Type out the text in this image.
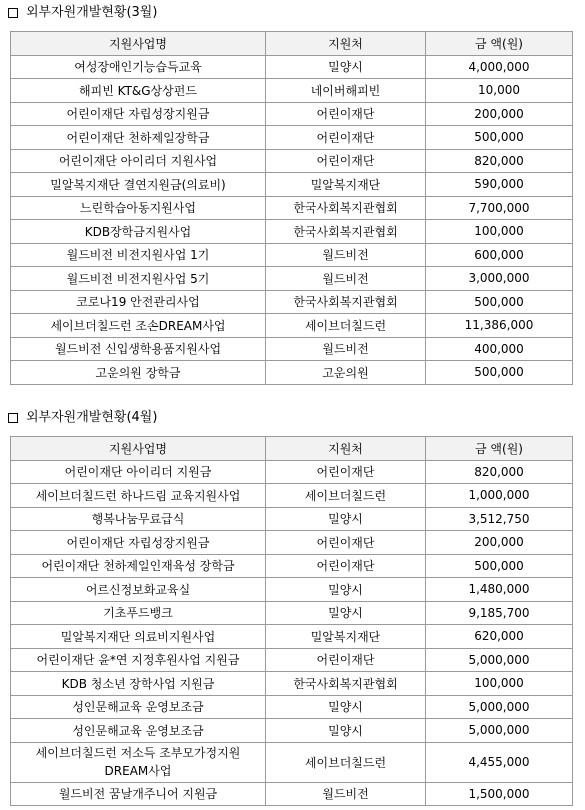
외부자원개발현황(3월)
지원사업명	지원처	금 액(원)
여성장애인기능습득교육	밀양시	4,000,000
해피빈 KT&G상상펀드	네이버해피빈	10,000
어린이재단 자립성장지원금	어린이재단	200,000
어린이재단 천하제일장학금	어린이재단	500,000
어린이재단 아이리더 지원사업	어린이재단	820,000
밀알복지재단 결연지원금(의료비)	밀알복지재단	590,000
느린학습아동지원사업	한국사회복지관협회	7,700,000
KDB장학금지원사업	한국사회복지관협회	100,000
월드비전 비전지원사업 1기	월드비전	600,000
월드비전 비전지원사업 5기	월드비전	3,000,000
코로나19 안전관리사업	한국사회복지관협회	500,000
세이브더칠드런 조손DREAM사업	세이브더칠드런	11,386,000
월드비전 신입생학용품지원사업	월드비전	400,000
고운의원 장학금	고운의원	500,000
외부자원개발현황(4월)
지원사업명	지원처	금 액(원)
어린이재단 아이리더 지원금	어린이재단	820,000
세이브더칠드런 하나드림 교육지원사업	세이브더칠드런	1,000,000
행복나눔무료급식	밀양시	3,512,750
어린이재단 자립성장지원금	어린이재단	200,000
어린이재단 천하제일인재육성 장학금	어린이재단	500,000
어르신정보화교육실	밀양시	1,480,000
기초푸드뱅크	밀양시	9,185,700
밀알복지재단 의료비지원사업	밀알복지재단	620,000
어린이재단 윤*연 지정후원사업 지원금	어린이재단	5,000,000
KDB 청소년 장학사업 지원금	한국사회복지관협회	100,000
성인문해교육 운영보조금	밀양시	5,000,000
성인문해교육 운영보조금	밀양시	5,000,000
세이브더칠드런 저소득 조부모가정지원 DREAM사업	세이브더칠드런	4,455,000
월드비전 꿈날개주니어 지원금	월드비전	1,500,000
